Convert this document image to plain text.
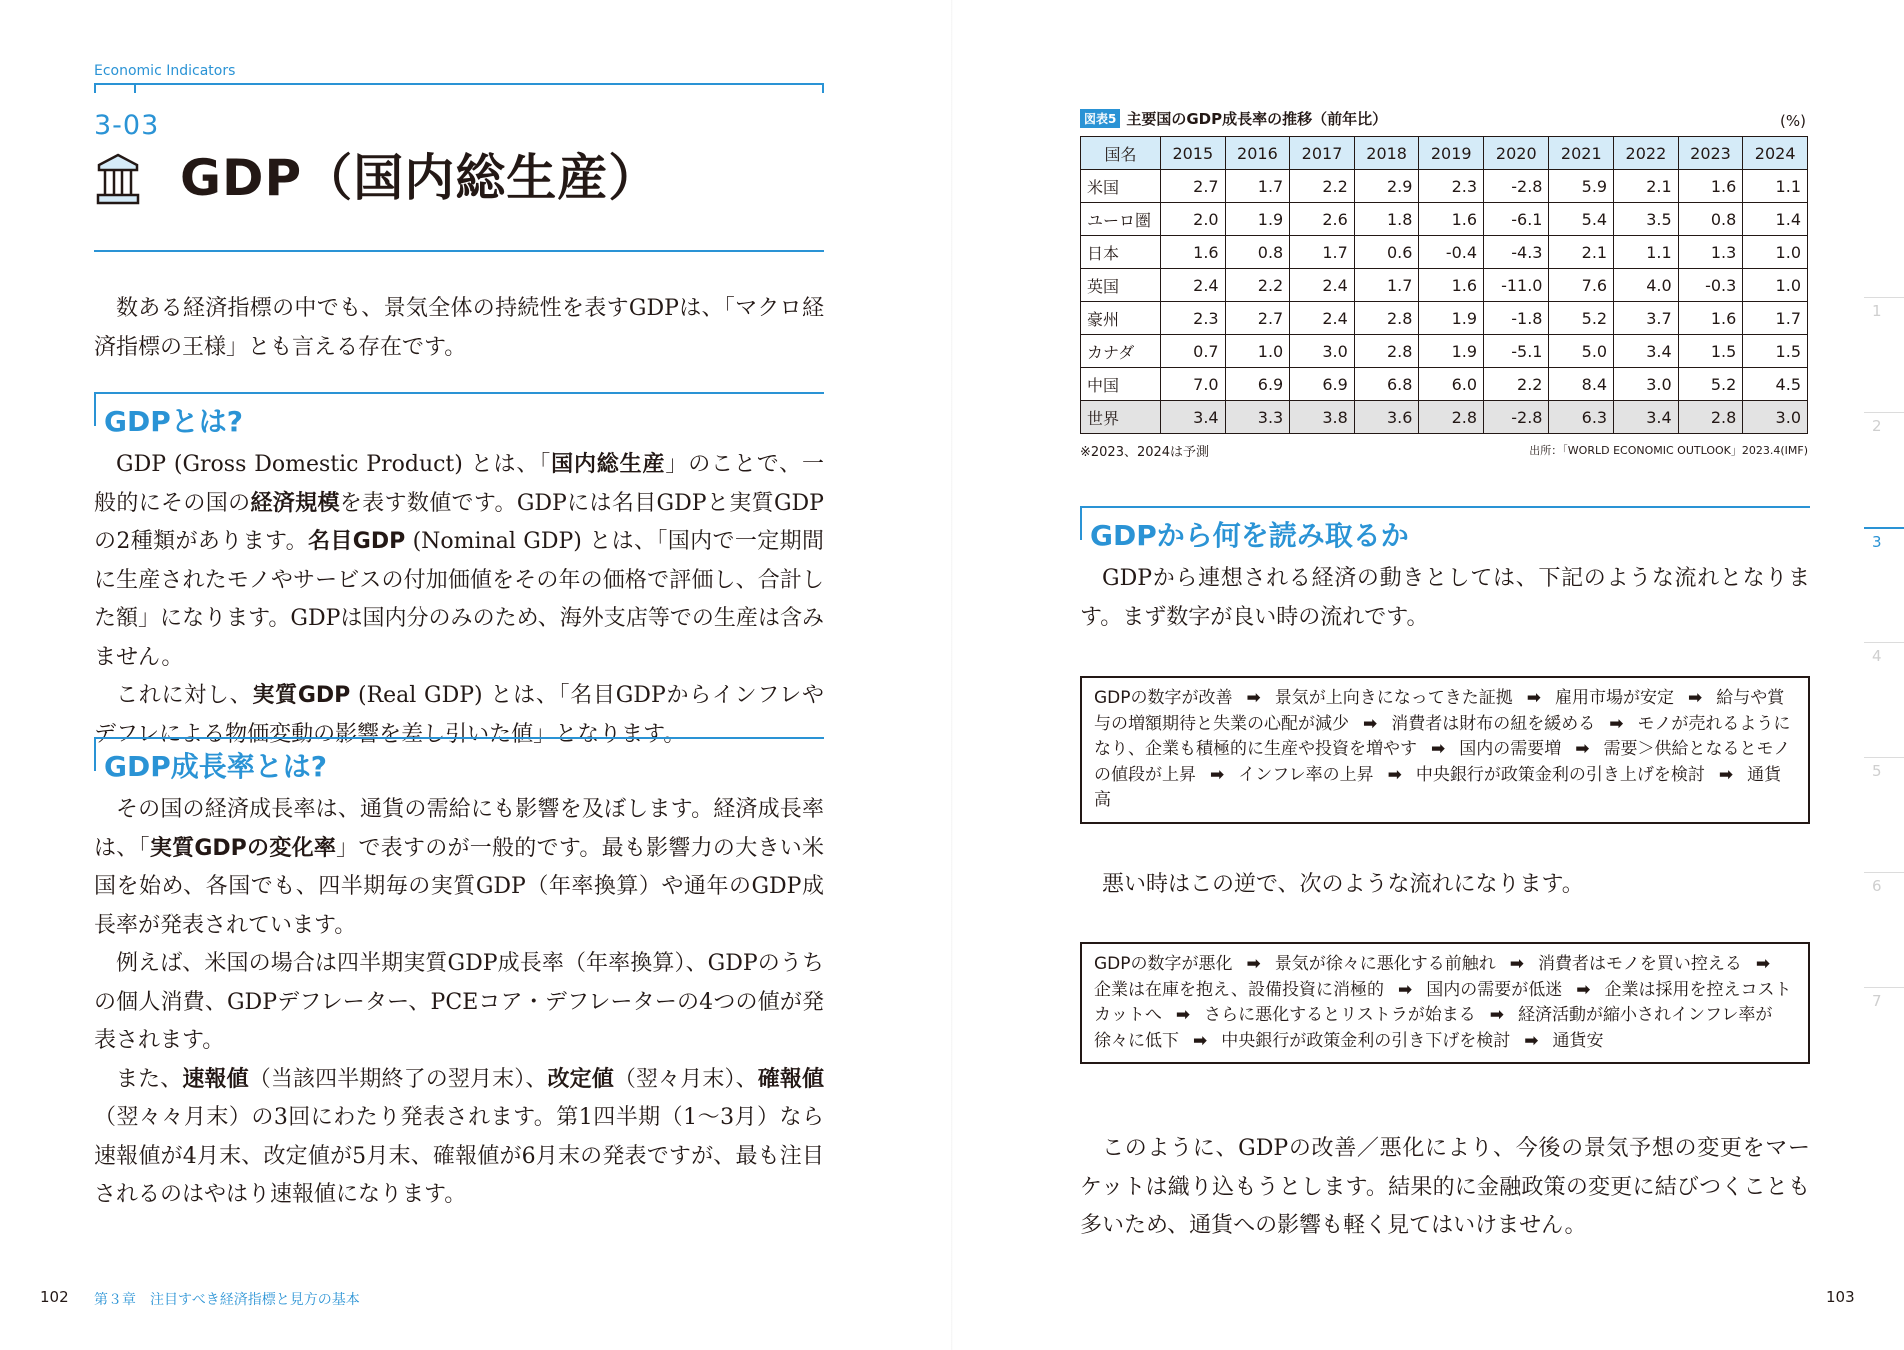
Economic Indicators
3-03
GDP（国内総生産）

数ある経済指標の中でも、景気全体の持続性を表すGDPは、「マクロ経済指標の王様」とも言える存在です。

GDPとは?

GDP (Gross Domestic Product) とは、「国内総生産」のことで、一般的にその国の経済規模を表す数値です。GDPには名目GDPと実質GDPの2種類があります。名目GDP (Nominal GDP) とは、「国内で一定期間に生産されたモノやサービスの付加価値をその年の価格で評価し、合計した額」になります。GDPは国内分のみのため、海外支店等での生産は含みません。

これに対し、実質GDP (Real GDP) とは、「名目GDPからインフレやデフレによる物価変動の影響を差し引いた値」となります。

GDP成長率とは?

その国の経済成長率は、通貨の需給にも影響を及ぼします。経済成長率は、「実質GDPの変化率」で表すのが一般的です。最も影響力の大きい米国を始め、各国でも、四半期毎の実質GDP（年率換算）や通年のGDP成長率が発表されています。

例えば、米国の場合は四半期実質GDP成長率（年率換算）、GDPのうちの個人消費、GDPデフレーター、PCEコア・デフレーターの4つの値が発表されます。

また、速報値（当該四半期終了の翌月末）、改定値（翌々月末）、確報値（翌々々月末）の3回にわたり発表されます。第1四半期（1〜3月）なら速報値が4月末、改定値が5月末、確報値が6月末の発表ですが、最も注目されるのはやはり速報値になります。

102 第３章　注目すべき経済指標と見方の基本
図表5 主要国のGDP成長率の推移（前年比）	(%)
国名	2015	2016	2017	2018	2019	2020	2021	2022	2023	2024
米国	2.7	1.7	2.2	2.9	2.3	-2.8	5.9	2.1	1.6	1.1
ユーロ圏	2.0	1.9	2.6	1.8	1.6	-6.1	5.4	3.5	0.8	1.4
日本	1.6	0.8	1.7	0.6	-0.4	-4.3	2.1	1.1	1.3	1.0
英国	2.4	2.2	2.4	1.7	1.6	-11.0	7.6	4.0	-0.3	1.0
豪州	2.3	2.7	2.4	2.8	1.9	-1.8	5.2	3.7	1.6	1.7
カナダ	0.7	1.0	3.0	2.8	1.9	-5.1	5.0	3.4	1.5	1.5
中国	7.0	6.9	6.9	6.8	6.0	2.2	8.4	3.0	5.2	4.5
世界	3.4	3.3	3.8	3.6	2.8	-2.8	6.3	3.4	2.8	3.0
※2023、2024は予測	出所：「WORLD ECONOMIC OUTLOOK」2023.4(IMF)
GDPから何を読み取るか

GDPから連想される経済の動きとしては、下記のような流れとなります。まず数字が良い時の流れです。

GDPの数字が改善 ➡ 景気が上向きになってきた証拠 ➡ 雇用市場が安定 ➡ 給与や賞与の増額期待と失業の心配が減少 ➡ 消費者は財布の紐を緩める ➡ モノが売れるようになり、企業も積極的に生産や投資を増やす ➡ 国内の需要増 ➡ 需要＞供給となるとモノの値段が上昇 ➡ インフレ率の上昇 ➡ 中央銀行が政策金利の引き上げを検討 ➡ 通貨高

悪い時はこの逆で、次のような流れになります。

GDPの数字が悪化 ➡ 景気が徐々に悪化する前触れ ➡ 消費者はモノを買い控える ➡企業は在庫を抱え、設備投資に消極的 ➡ 国内の需要が低迷 ➡ 企業は採用を控えコストカットへ ➡ さらに悪化するとリストラが始まる ➡ 経済活動が縮小されインフレ率が徐々に低下 ➡ 中央銀行が政策金利の引き下げを検討 ➡ 通貨安

このように、GDPの改善／悪化により、今後の景気予想の変更をマーケットは織り込もうとします。結果的に金融政策の変更に結びつくことも多いため、通貨への影響も軽く見てはいけません。

103
1
2
3
4
5
6
7
